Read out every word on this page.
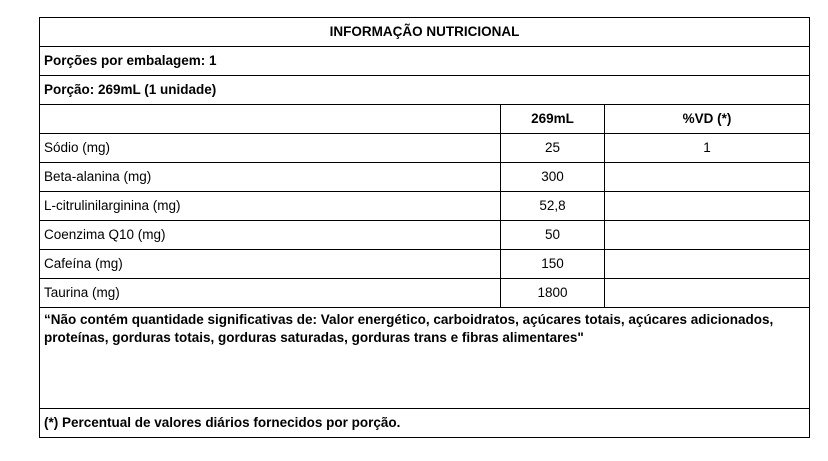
INFORMAÇÃO NUTRICIONAL		
Porções por embalagem: 1		
Porção: 269mL (1 unidade)		
	269mL	%VD (*)
Sódio (mg)	25	1
Beta-alanina (mg)	300	
L-citrulinilarginina (mg)	52,8	
Coenzima Q10 (mg)	50	
Cafeína (mg)	150	
Taurina (mg)	1800	
“Não contém quantidade significativas de: Valor energético, carboidratos, açúcares totais, açúcares adicionados, proteínas, gorduras totais, gorduras saturadas, gorduras trans e fibras alimentares"		
(*) Percentual de valores diários fornecidos por porção.		
